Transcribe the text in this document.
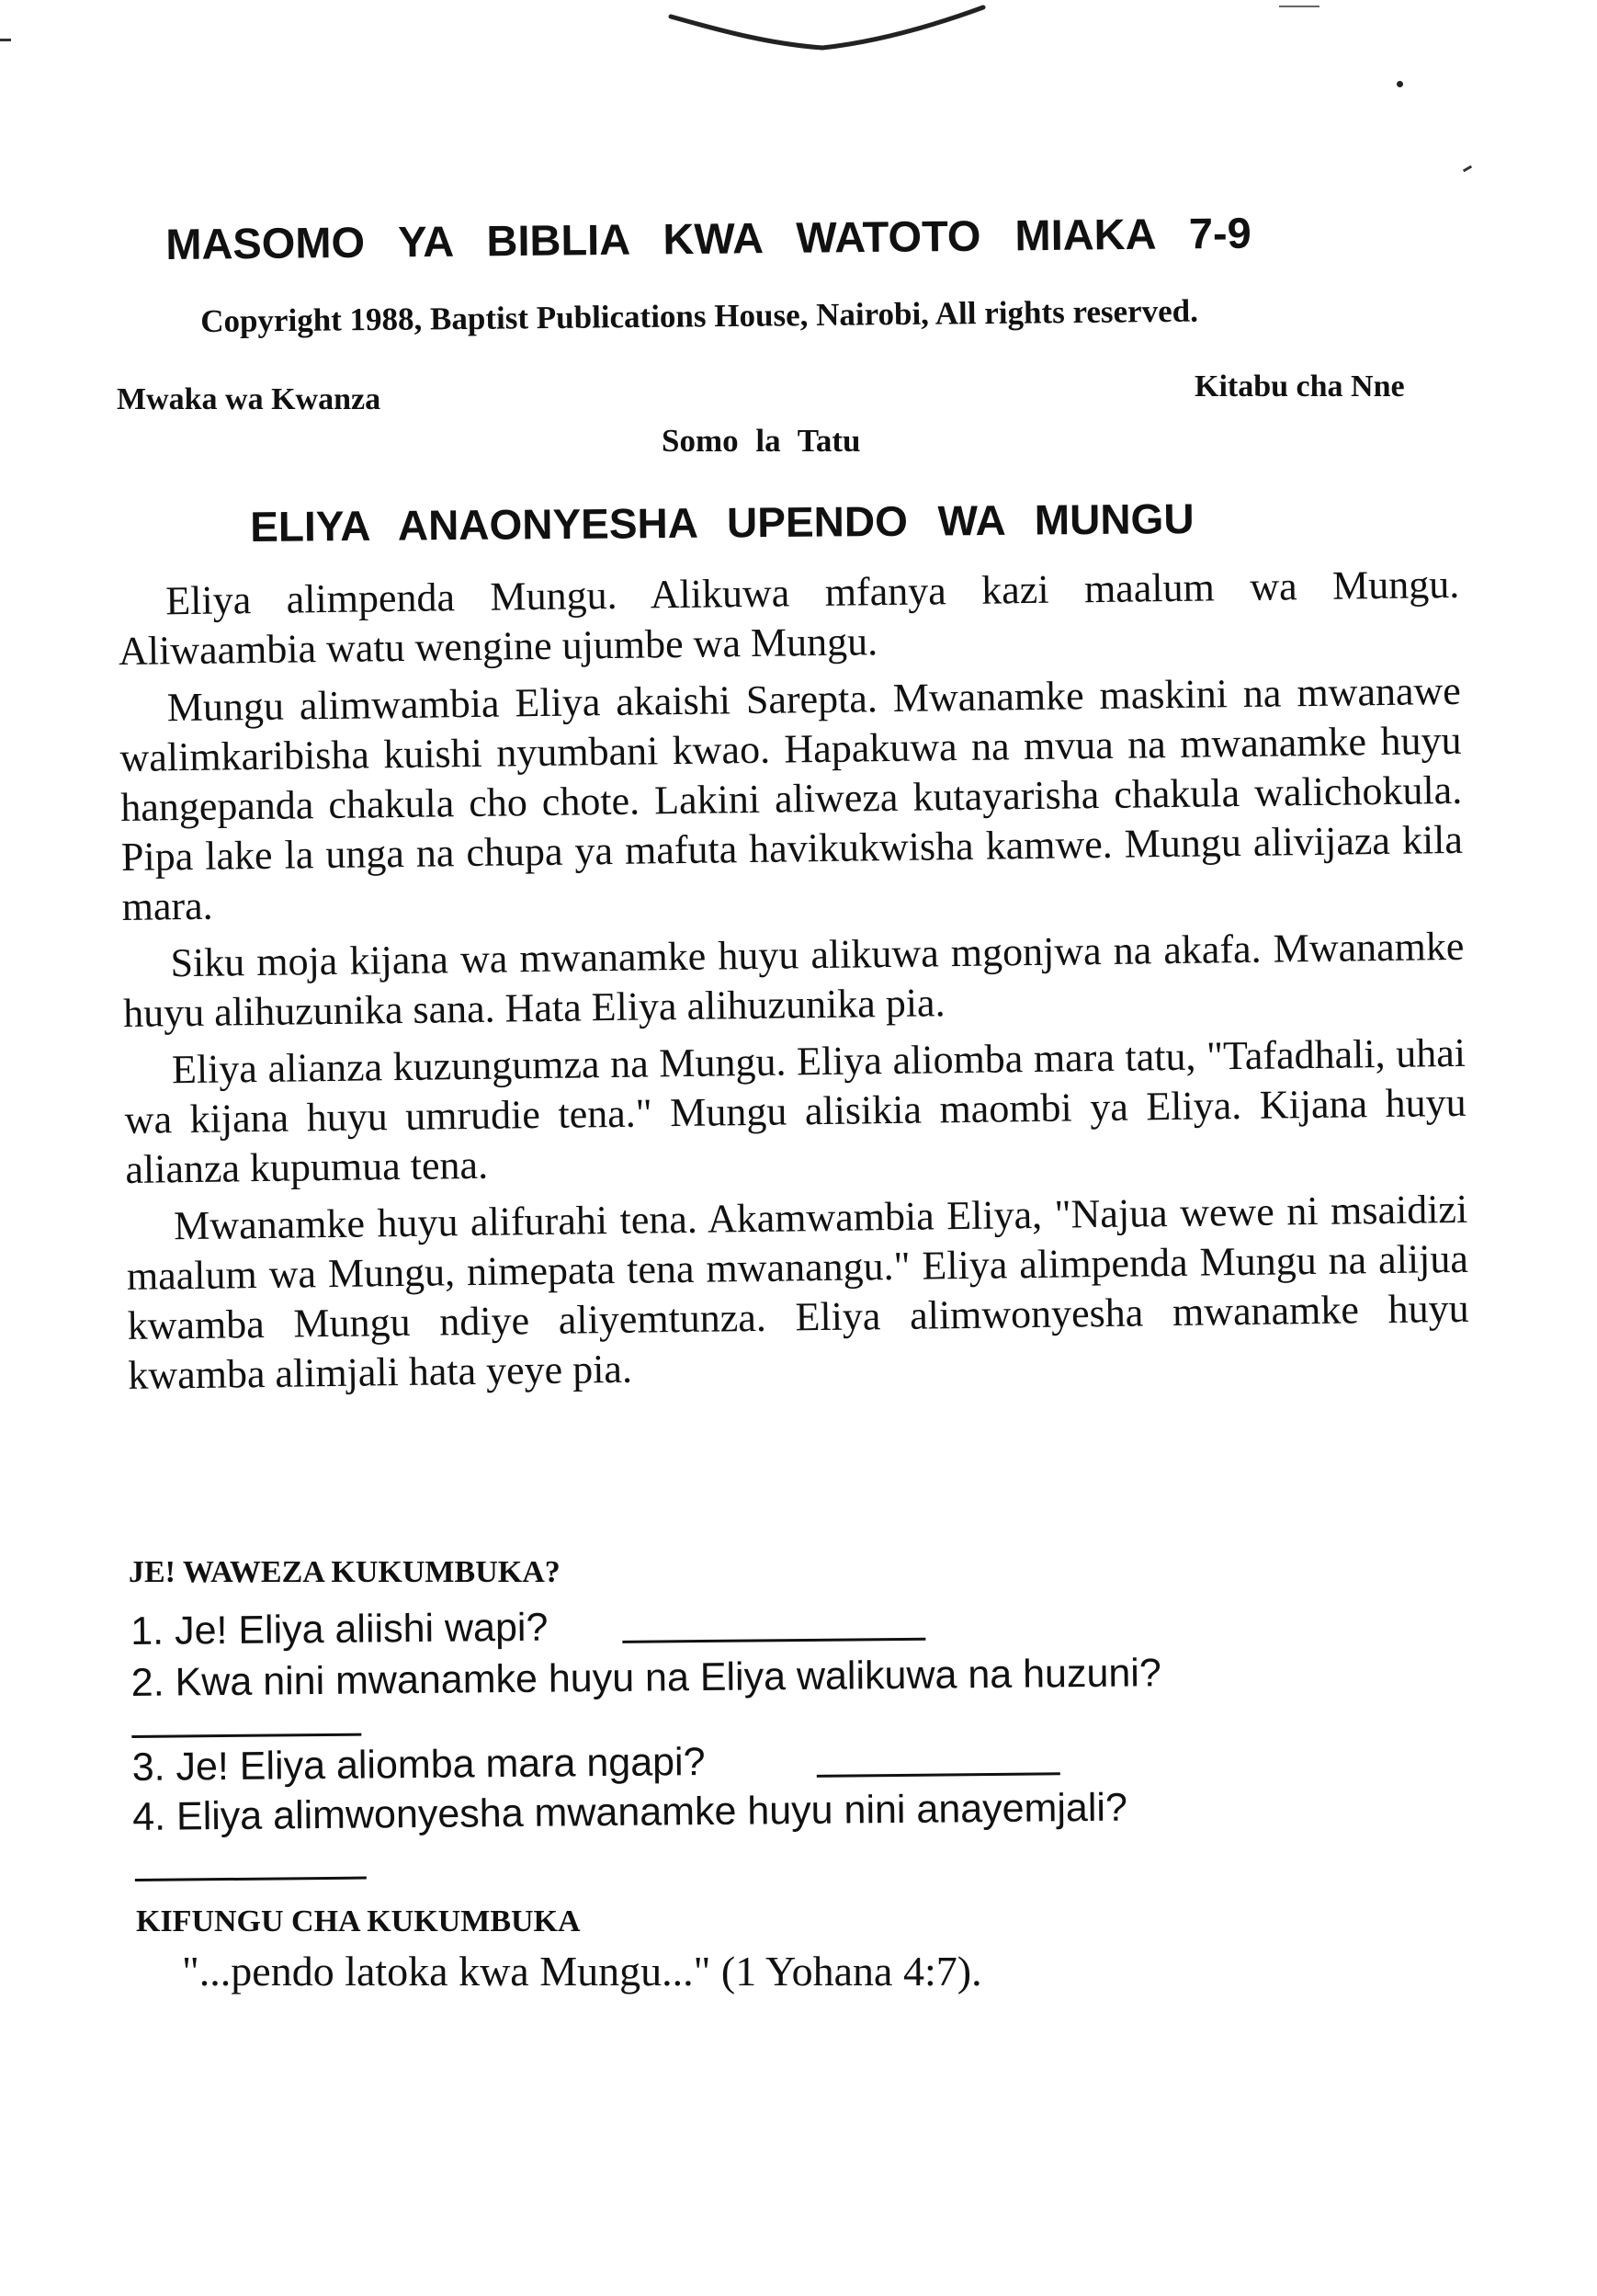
MASOMO YA BIBLIA KWA WATOTO MIAKA 7-9
Copyright 1988, Baptist Publications House, Nairobi, All rights reserved.
Mwaka wa Kwanza	Kitabu cha Nne
Somo la Tatu
ELIYA ANAONYESHA UPENDO WA MUNGU

Eliya alimpenda Mungu. Alikuwa mfanya kazi maalum wa Mungu. Aliwaambia watu wengine ujumbe wa Mungu.

Mungu alimwambia Eliya akaishi Sarepta. Mwanamke maskini na mwanawe walimkaribisha kuishi nyumbani kwao. Hapakuwa na mvua na mwanamke huyu hangepanda chakula cho chote. Lakini aliweza kutayarisha chakula walichokula. Pipa lake la unga na chupa ya mafuta havikukwisha kamwe. Mungu alivijaza kila mara.

Siku moja kijana wa mwanamke huyu alikuwa mgonjwa na akafa. Mwanamke huyu alihuzunika sana. Hata Eliya alihuzunika pia.

Eliya alianza kuzungumza na Mungu. Eliya aliomba mara tatu, "Tafadhali, uhai wa kijana huyu umrudie tena." Mungu alisikia maombi ya Eliya. Kijana huyu alianza kupumua tena.

Mwanamke huyu alifurahi tena. Akamwambia Eliya, "Najua wewe ni msaidizi maalum wa Mungu, nimepata tena mwanangu." Eliya alimpenda Mungu na alijua kwamba Mungu ndiye aliyemtunza. Eliya alimwonyesha mwanamke huyu kwamba alimjali hata yeye pia.

JE! WAWEZA KUKUMBUKA?
1. Je! Eliya aliishi wapi?
2. Kwa nini mwanamke huyu na Eliya walikuwa na huzuni?
3. Je! Eliya aliomba mara ngapi?
4. Eliya alimwonyesha mwanamke huyu nini anayemjali?
KIFUNGU CHA KUKUMBUKA
"...pendo latoka kwa Mungu..." (1 Yohana 4:7).
